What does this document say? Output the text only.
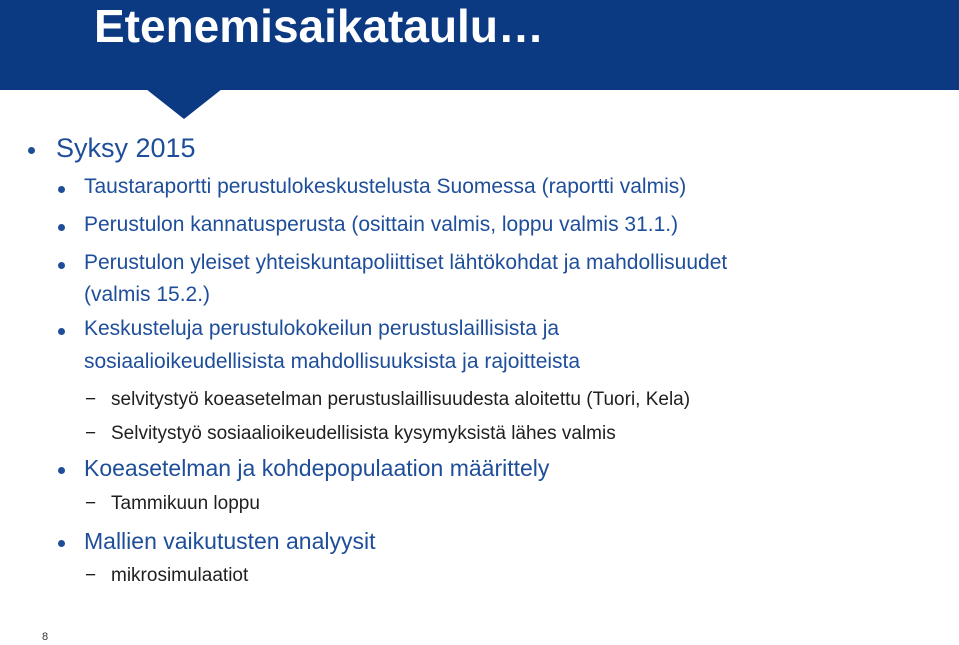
Etenemisaikataulu…
Syksy 2015
Taustaraportti perustulokeskustelusta Suomessa (raportti valmis)
Perustulon kannatusperusta (osittain valmis, loppu valmis 31.1.)
Perustulon yleiset yhteiskuntapoliittiset lähtökohdat ja mahdollisuudet
(valmis 15.2.)
Keskusteluja perustulokokeilun perustuslaillisista ja
sosiaalioikeudellisista mahdollisuuksista ja rajoitteista
− selvitystyö koeasetelman perustuslaillisuudesta aloitettu (Tuori, Kela)
− Selvitystyö sosiaalioikeudellisista kysymyksistä lähes valmis
Koeasetelman ja kohdepopulaation määrittely
− Tammikuun loppu
Mallien vaikutusten analyysit
− mikrosimulaatiot
8
